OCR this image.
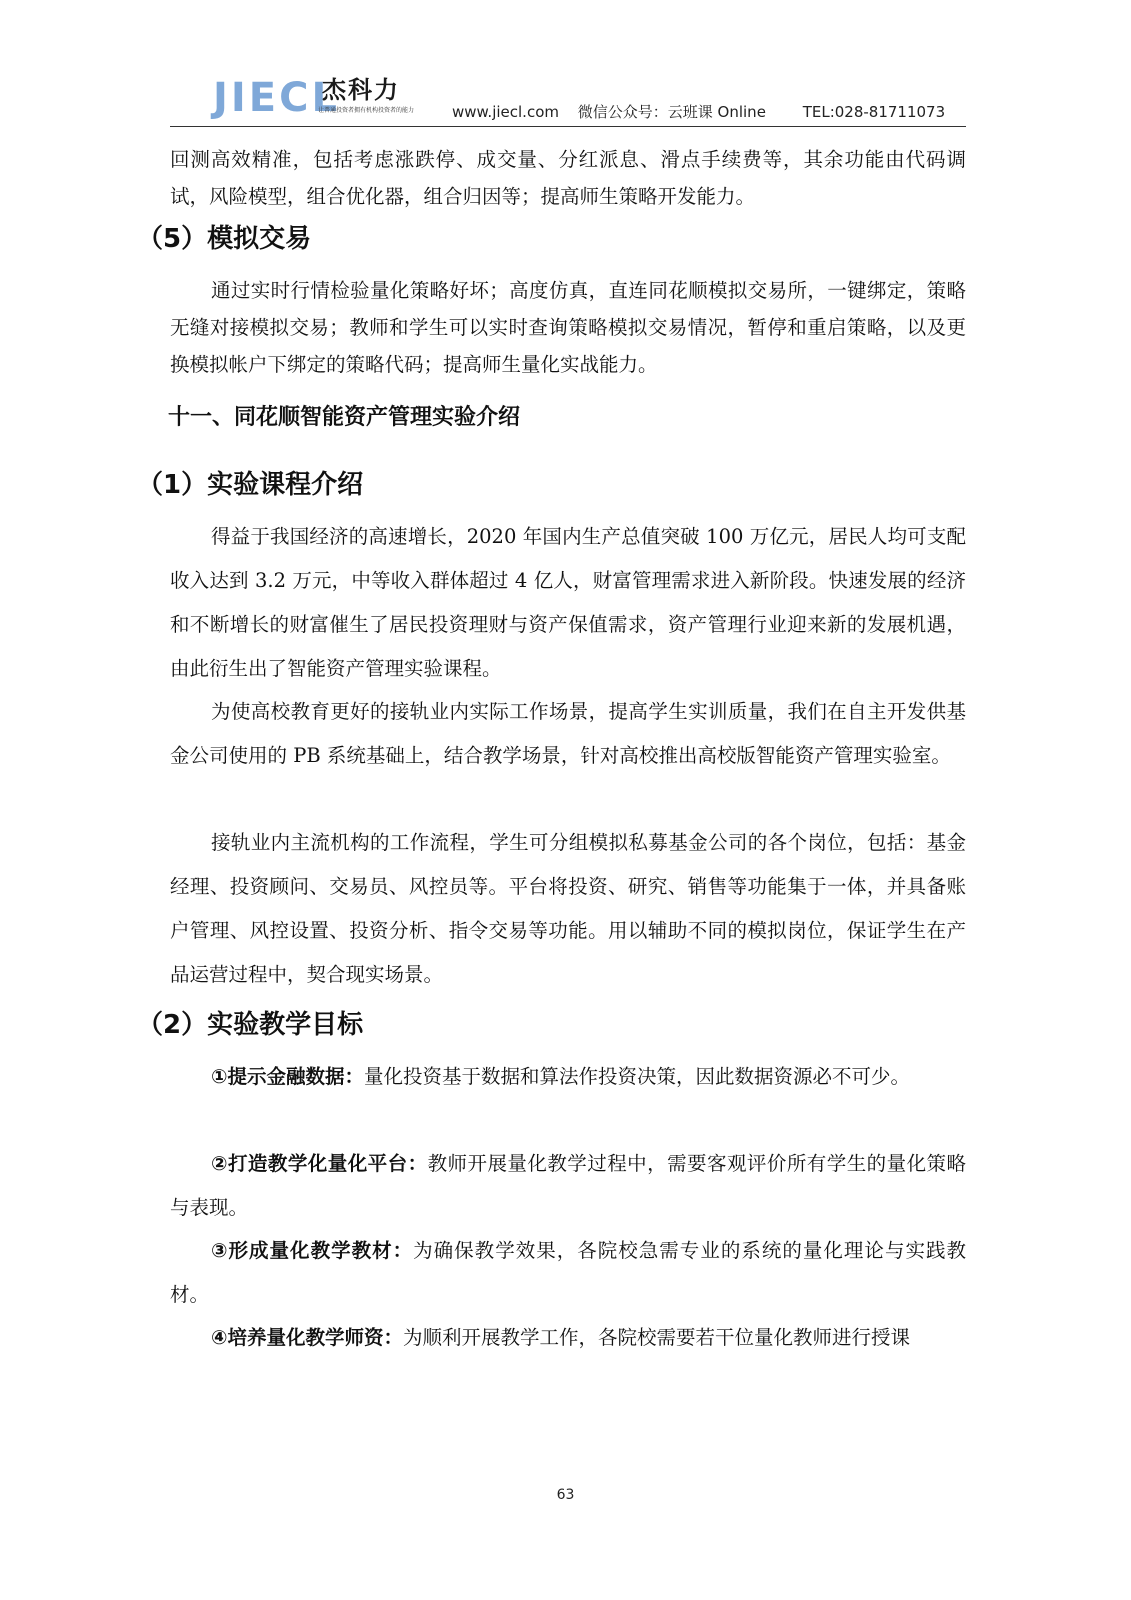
JIECL
杰科力
让普通投资者拥有机构投资者的能力	www.jiecl.com 微信公众号：云班课 Online TEL:028-81711073

回测高效精准，包括考虑涨跌停、成交量、分红派息、滑点手续费等，其余功能由代码调试，风险模型，组合优化器，组合归因等；提高师生策略开发能力。

（5）模拟交易

通过实时行情检验量化策略好坏；高度仿真，直连同花顺模拟交易所，一键绑定，策略无缝对接模拟交易；教师和学生可以实时查询策略模拟交易情况，暂停和重启策略，以及更换模拟帐户下绑定的策略代码；提高师生量化实战能力。

十一、同花顺智能资产管理实验介绍
（1）实验课程介绍

得益于我国经济的高速增长，2020 年国内生产总值突破 100 万亿元，居民人均可支配收入达到 3.2 万元，中等收入群体超过 4 亿人，财富管理需求进入新阶段。快速发展的经济和不断增长的财富催生了居民投资理财与资产保值需求，资产管理行业迎来新的发展机遇，由此衍生出了智能资产管理实验课程。

为使高校教育更好的接轨业内实际工作场景，提高学生实训质量，我们在自主开发供基金公司使用的 PB 系统基础上，结合教学场景，针对高校推出高校版智能资产管理实验室。

接轨业内主流机构的工作流程，学生可分组模拟私募基金公司的各个岗位，包括：基金 经理、投资顾问、交易员、风控员等。平台将投资、研究、销售等功能集于一体，并具备账户管理、风控设置、投资分析、指令交易等功能。用以辅助不同的模拟岗位，保证学生在产品运营过程中，契合现实场景。

（2）实验教学目标

①提示金融数据：量化投资基于数据和算法作投资决策，因此数据资源必不可少。

②打造教学化量化平台：教师开展量化教学过程中，需要客观评价所有学生的量化策略与表现。

③形成量化教学教材：为确保教学效果，各院校急需专业的系统的量化理论与实践教材。

④培养量化教学师资：为顺利开展教学工作，各院校需要若干位量化教师进行授课

63
